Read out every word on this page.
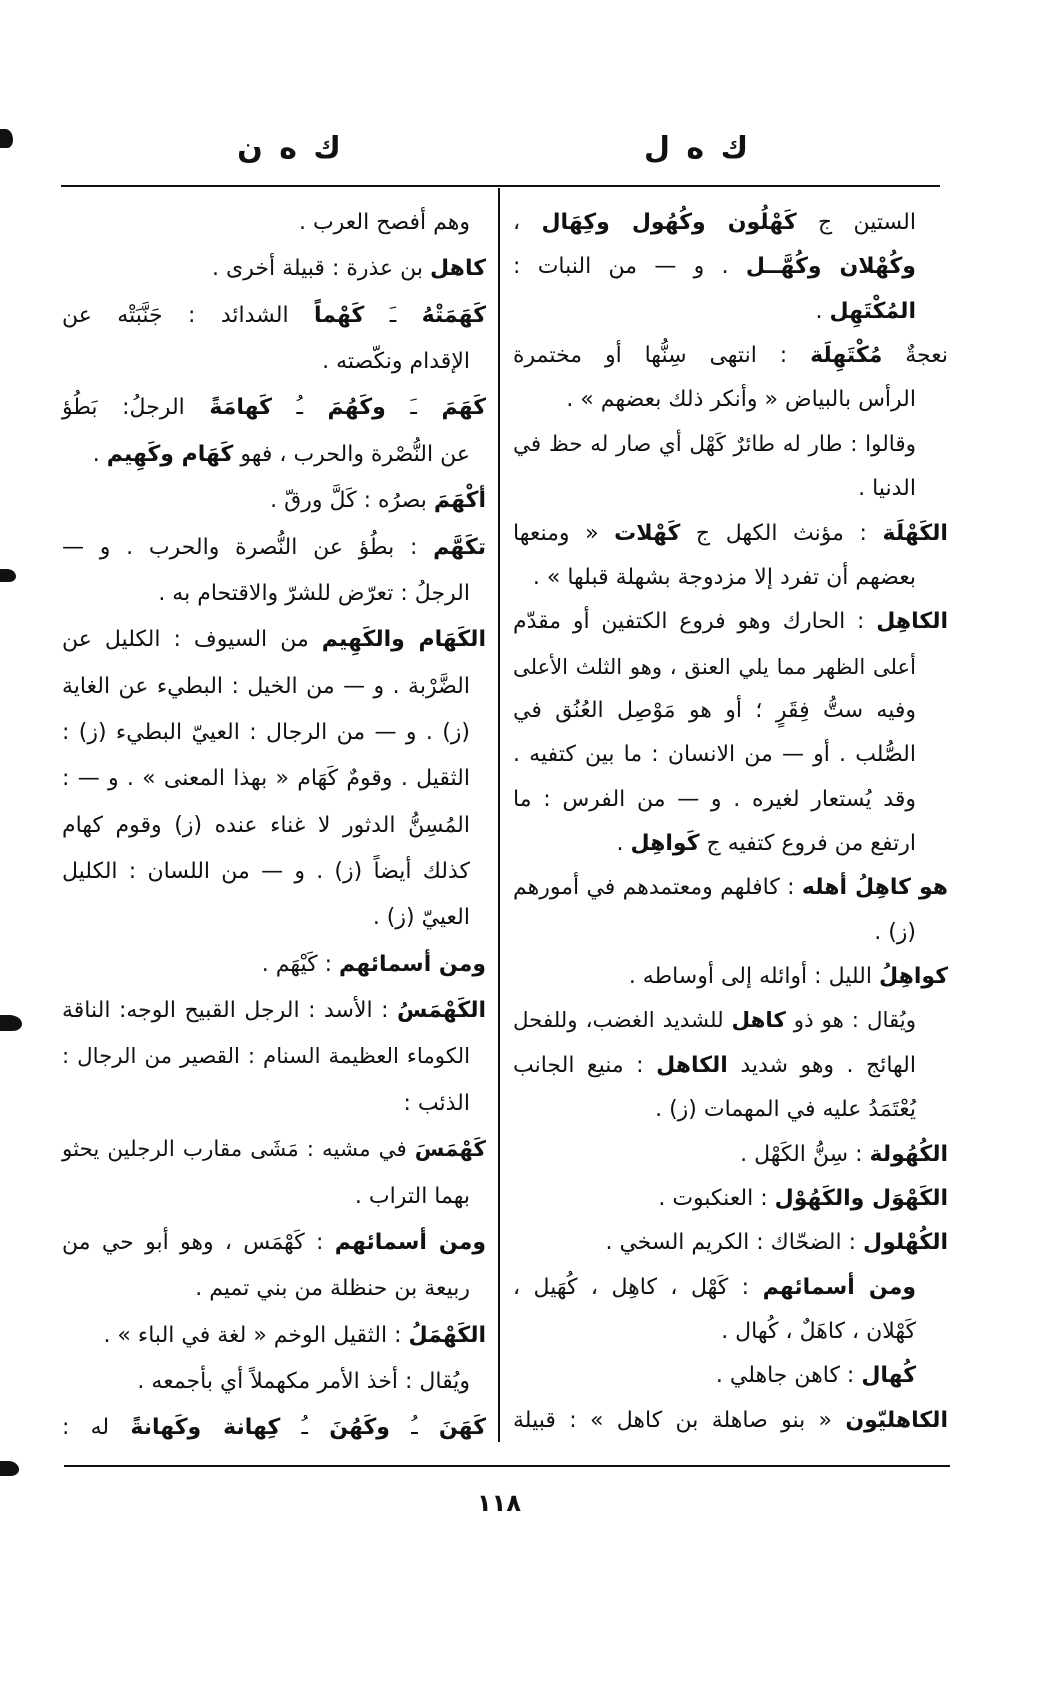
ك ه ل
ك ه ن
الستين ج كَهْلُون وكُهُول وكِهَال ،
وكُهْلان وكُهَّــل . و — من النبات :
المُكْتَهِل .
نعجةٌ مُكْتَهِلَة : انتهى سِنُّها أو مختمرة
الرأس بالبياض « وأنكر ذلك بعضهم » .
وقالوا : طار له طائرٌ كَهْل أي صار له حظ في
الدنيا .
الكَهْلَة : مؤنث الكهل ج كَهْلات « ومنعها
بعضهم أن تفرد إلا مزدوجة بشهلة قبلها » .
الكاهِل : الحارك وهو فروع الكتفين أو مقدّم
أعلى الظهر مما يلي العنق ، وهو الثلث الأعلى
وفيه ستُّ فِقَرٍ ؛ أو هو مَوْصِل العُنُق في
الصُّلب . أو — من الانسان : ما بين كتفيه .
وقد يُستعار لغيره . و — من الفرس : ما
ارتفع من فروع كتفيه ج كَواهِل .
هو كاهِلُ أهله : كافلهم ومعتمدهم في أمورهم
(ز) .
كواهِلُ الليل : أوائله إلى أوساطه .
ويُقال : هو ذو كاهل للشديد الغضب، وللفحل
الهائج . وهو شديد الكاهل : منيع الجانب
يُعْتَمَدُ عليه في المهمات (ز) .
الكُهُولة : سِنُّ الكَهْل .
الكَهْوَل والكَهُوْل : العنكبوت .
الكُهْلول : الضحّاك : الكريم السخي .
ومن أسمائهم : كَهْل ، كاهِل ، كُهَيل ،
كَهْلان ، كاهَلٌ ، كُهال .
كُهال : كاهن جاهلي .
الكاهليّون « بنو صاهلة بن كاهل » : قبيلة
وهم أفصح العرب .
كاهل بن عذرة : قبيلة أخرى .
كَهَمَتْهُ ـَ كَهْماً الشدائد : جَنَّبَتْه عن
الإقدام ونكّصته .
كَهَمَ ـَ وكَهُمَ ـُ كَهامَةً الرجلُ: بَطُؤ
عن النُّصْرة والحرب ، فهو كَهَام وكَهِيم .
أكْهَمَ بصرُه : كَلَّ ورقّ .
تكَهَّم : بطُؤ عن النُّصرة والحرب . و —
الرجلُ : تعرّض للشرّ والاقتحام به .
الكَهَام والكَهِيم من السيوف : الكليل عن
الضَّرْبة . و — من الخيل : البطيء عن الغاية
(ز) . و — من الرجال : العييّ البطيء (ز) :
الثقيل . وقومٌ كَهَام « بهذا المعنى » . و — :
المُسِنُّ الدثور لا غناء عنده (ز) وقوم كهام
كذلك أيضاً (ز) . و — من اللسان : الكليل
العييّ (ز) .
ومن أسمائهم : كَيْهَم .
الكَهْمَسُ : الأسد : الرجل القبيح الوجه: الناقة
الكوماء العظيمة السنام : القصير من الرجال :
الذئب :
كَهْمَسَ في مشيه : مَشَى مقارب الرجلين يحثو
بهما التراب .
ومن أسمائهم : كَهْمَس ، وهو أبو حي من
ربيعة بن حنظلة من بني تميم .
الكَهْمَلُ : الثقيل الوخم « لغة في الباء » .
ويُقال : أخذ الأمر مكهملاً أي بأجمعه .
كَهَنَ ـُ وكَهُنَ ـُ كِهانة وكَهانةً له :
١١٨
